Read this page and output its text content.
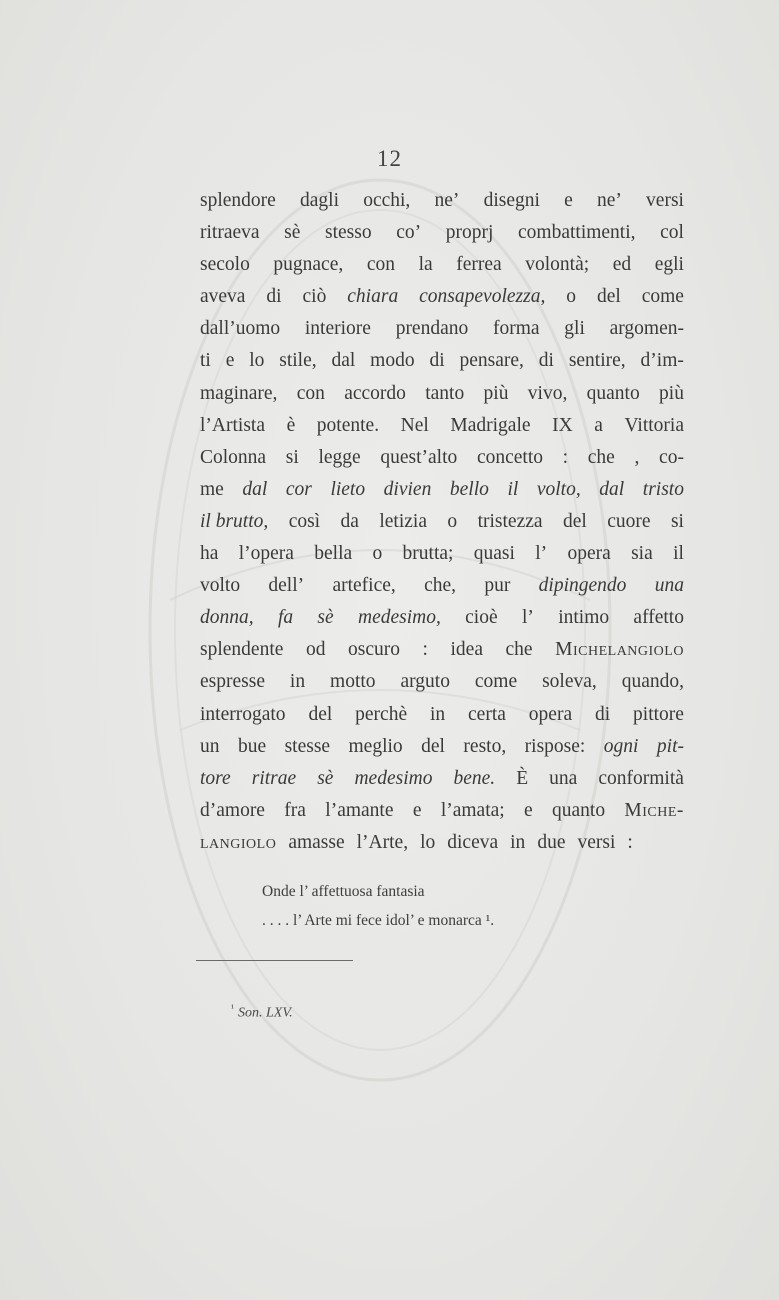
12
splendore dagli occhi, ne’ disegni e ne’ versi
ritraeva sè stesso co’ proprj combattimenti, col
secolo pugnace, con la ferrea volontà; ed egli
aveva di ciò chiara consapevolezza, o del come
dall’uomo interiore prendano forma gli argomen-
ti e lo stile, dal modo di pensare, di sentire, d’im-
maginare, con accordo tanto più vivo, quanto più
l’Artista è potente. Nel Madrigale IX a Vittoria
Colonna si legge quest’alto concetto : che , co-
me dal cor lieto divien bello il volto, dal tristo
il brutto, così da letizia o tristezza del cuore si
ha l’opera bella o brutta; quasi l’ opera sia il
volto dell’ artefice, che, pur dipingendo una
donna, fa sè medesimo, cioè l’ intimo affetto
splendente od oscuro : idea che Michelangiolo
espresse in motto arguto come soleva, quando,
interrogato del perchè in certa opera di pittore
un bue stesse meglio del resto, rispose: ogni pit-
tore ritrae sè medesimo bene. È una conformità
d’amore fra l’amante e l’amata; e quanto Miche-
langiolo amasse l’Arte, lo diceva in due versi :
Onde l’ affettuosa fantasia
. . . . l’ Arte mi fece idol’ e monarca ¹.
$^{^1}$ Son. LXV.
